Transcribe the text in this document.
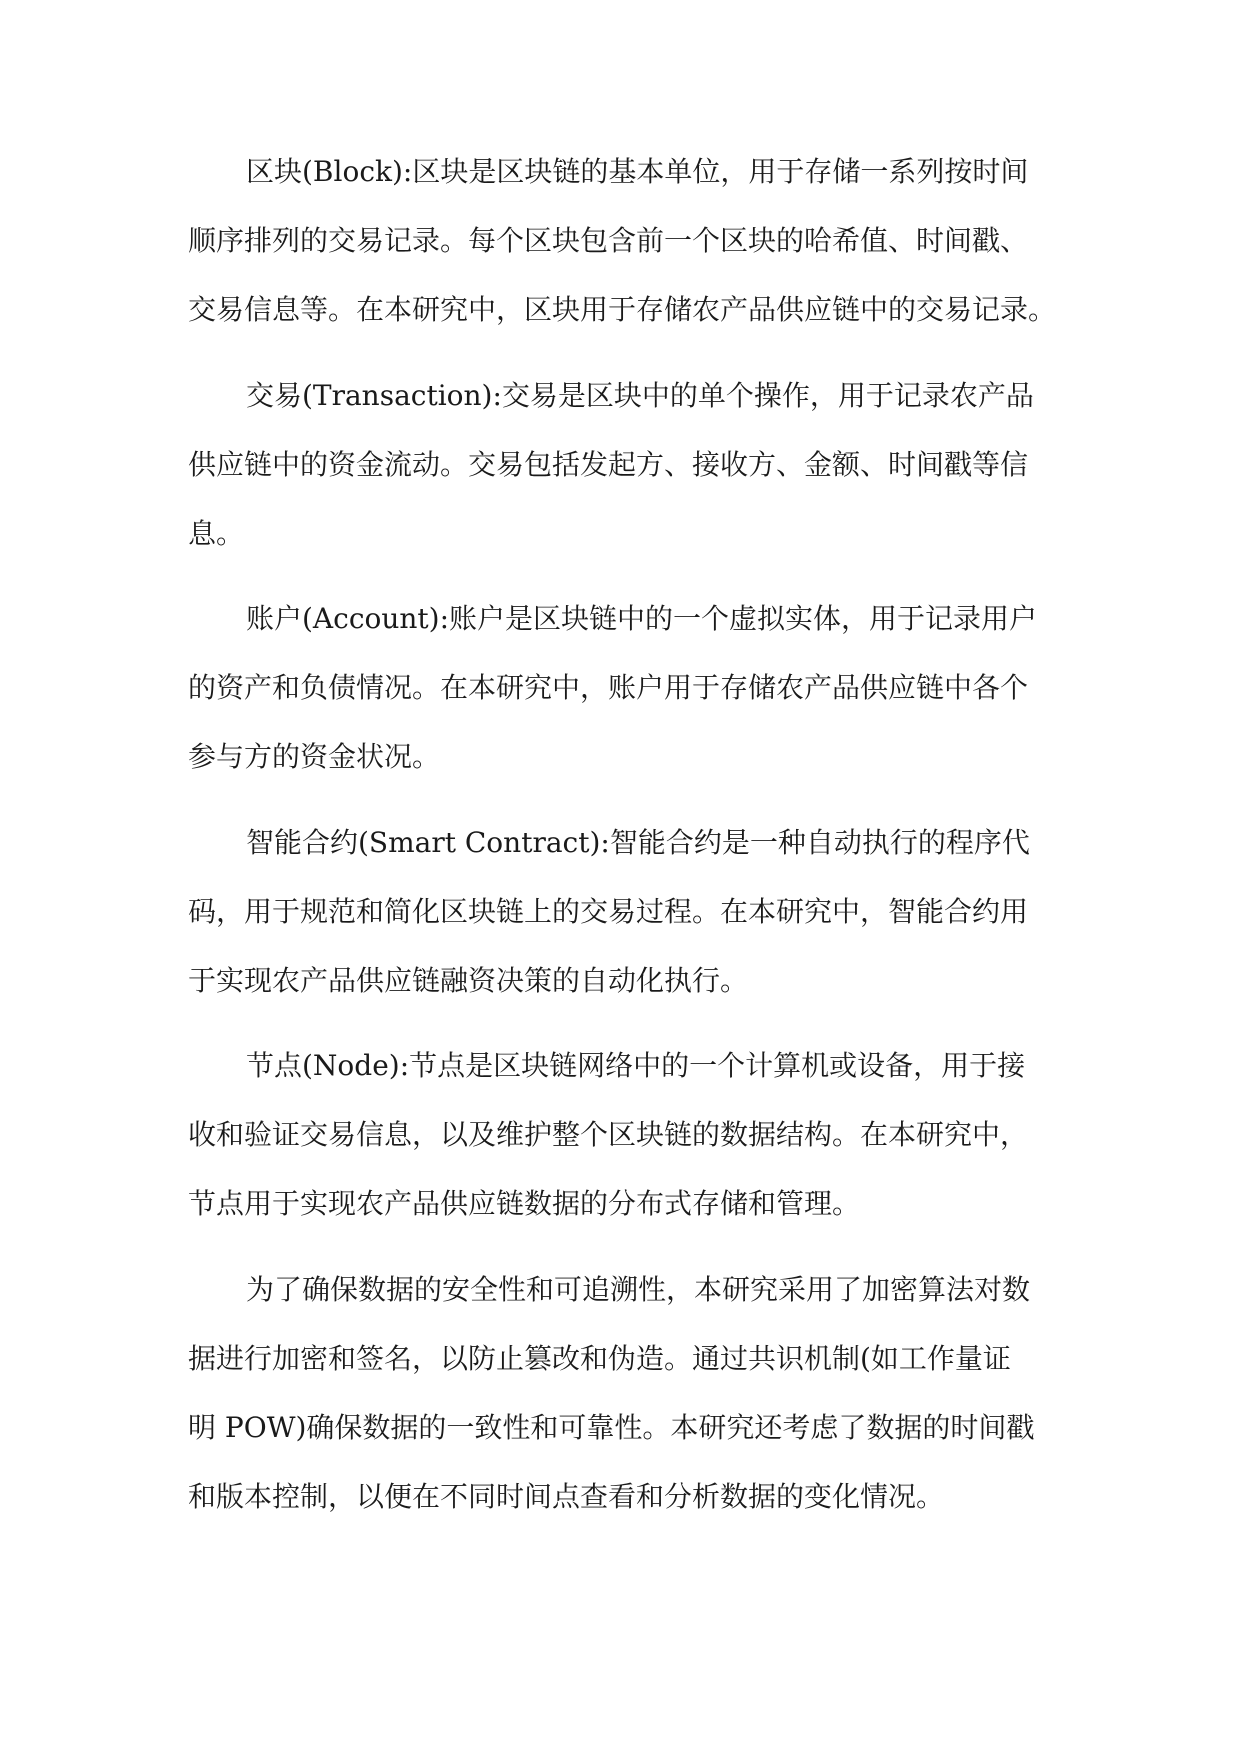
区块(Block):区块是区块链的基本单位，用于存储一系列按时间
顺序排列的交易记录。每个区块包含前一个区块的哈希值、时间戳、
交易信息等。在本研究中，区块用于存储农产品供应链中的交易记录。
交易(Transaction):交易是区块中的单个操作，用于记录农产品
供应链中的资金流动。交易包括发起方、接收方、金额、时间戳等信
息。
账户(Account):账户是区块链中的一个虚拟实体，用于记录用户
的资产和负债情况。在本研究中，账户用于存储农产品供应链中各个
参与方的资金状况。
智能合约(Smart Contract):智能合约是一种自动执行的程序代
码，用于规范和简化区块链上的交易过程。在本研究中，智能合约用
于实现农产品供应链融资决策的自动化执行。
节点(Node):节点是区块链网络中的一个计算机或设备，用于接
收和验证交易信息，以及维护整个区块链的数据结构。在本研究中，
节点用于实现农产品供应链数据的分布式存储和管理。
为了确保数据的安全性和可追溯性，本研究采用了加密算法对数
据进行加密和签名，以防止篡改和伪造。通过共识机制(如工作量证
明 POW)确保数据的一致性和可靠性。本研究还考虑了数据的时间戳
和版本控制，以便在不同时间点查看和分析数据的变化情况。
